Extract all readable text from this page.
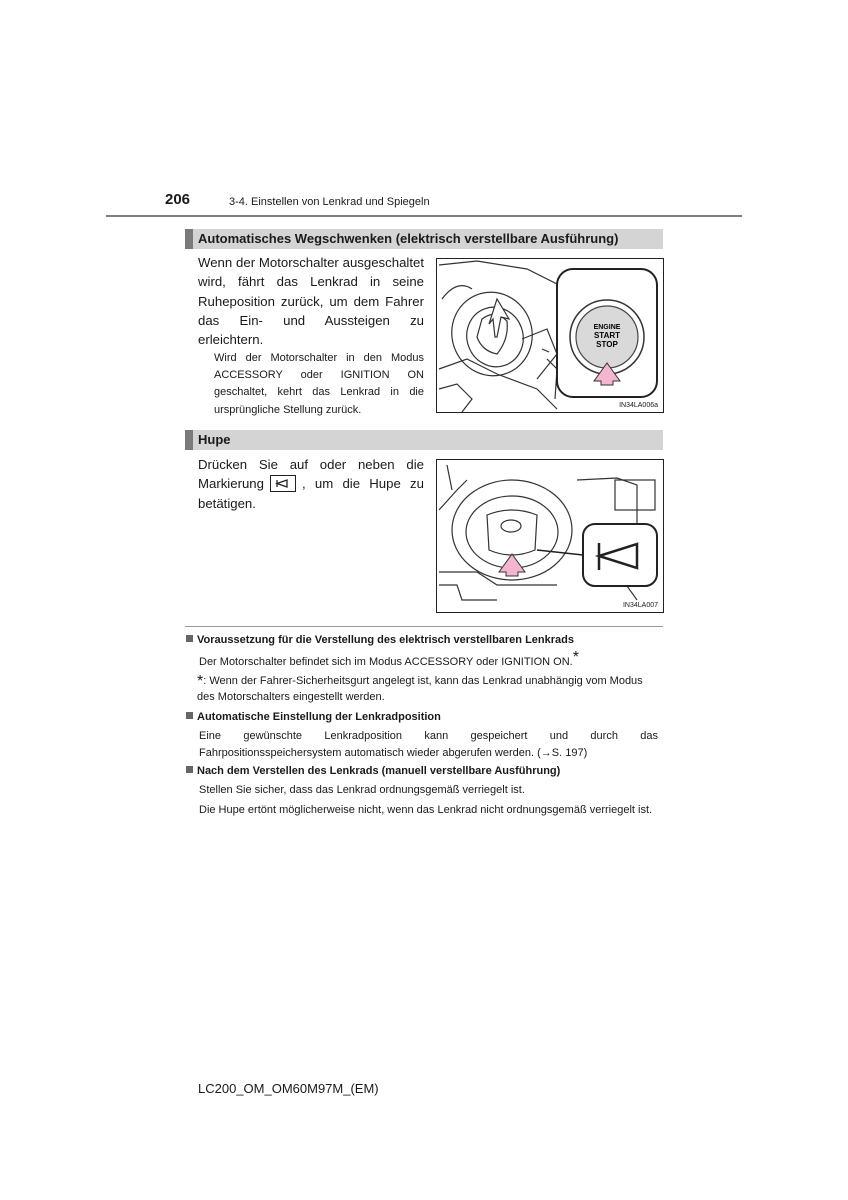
206	3-4. Einstellen von Lenkrad und Spiegeln
Automatisches Wegschwenken (elektrisch verstellbare Ausführung)
Wenn der Motorschalter ausgeschaltet wird, fährt das Lenkrad in seine Ruheposition zurück, um dem Fahrer das Ein- und Aussteigen zu erleichtern.
Wird der Motorschalter in den Modus ACCESSORY oder IGNITION ON geschaltet, kehrt das Lenkrad in die ursprüngliche Stellung zurück.
ENGINE
START
STOP
IN34LA006a
Hupe
Drücken Sie auf oder neben die Markierung	, um die Hupe zu betätigen.
IN34LA007
Voraussetzung für die Verstellung des elektrisch verstellbaren Lenkrads
Der Motorschalter befindet sich im Modus ACCESSORY oder IGNITION ON.*
*: Wenn der Fahrer-Sicherheitsgurt angelegt ist, kann das Lenkrad unabhängig vom Modus des Motorschalters eingestellt werden.
Automatische Einstellung der Lenkradposition
Eine gewünschte Lenkradposition kann gespeichert und durch das Fahrpositionsspeichersystem automatisch wieder abgerufen werden. (→S. 197)
Nach dem Verstellen des Lenkrads (manuell verstellbare Ausführung)
Stellen Sie sicher, dass das Lenkrad ordnungsgemäß verriegelt ist.
Die Hupe ertönt möglicherweise nicht, wenn das Lenkrad nicht ordnungsgemäß verriegelt ist.
LC200_OM_OM60M97M_(EM)
